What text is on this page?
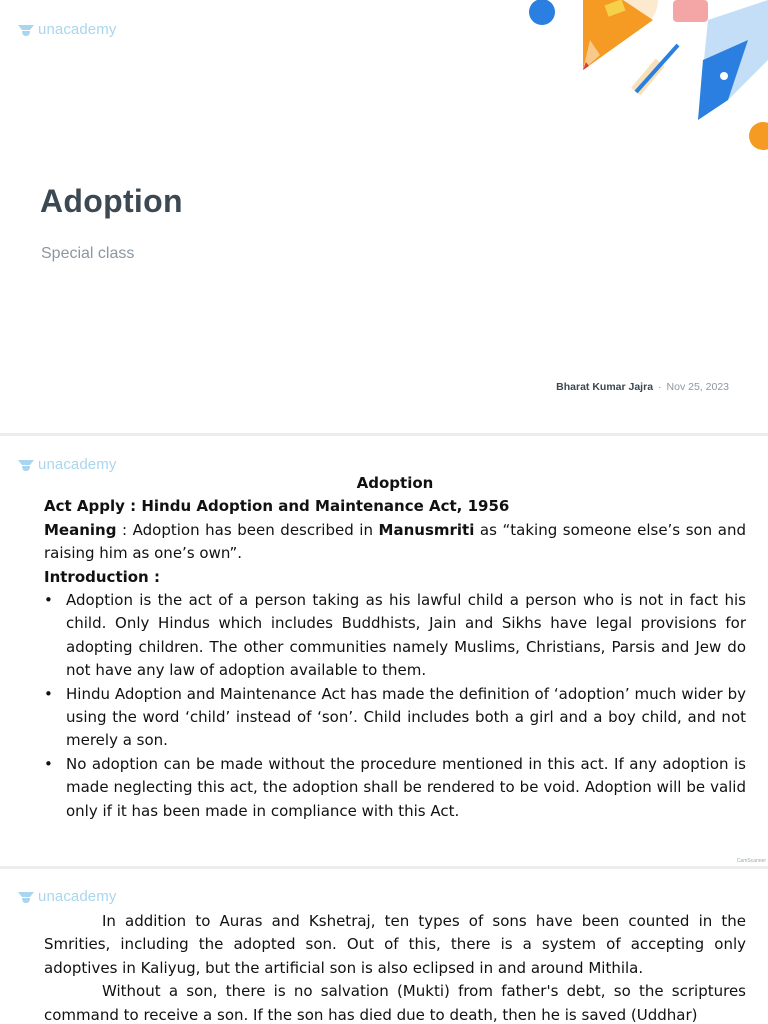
unacademy
Adoption
Special class
Bharat Kumar Jajra · Nov 25, 2023
unacademy
Adoption
Act Apply : Hindu Adoption and Maintenance Act, 1956
Meaning : Adoption has been described in Manusmriti as “taking someone else’s son and raising him as one’s own”.
Introduction :
• Adoption is the act of a person taking as his lawful child a person who is not in fact his child. Only Hindus which includes Buddhists, Jain and Sikhs have legal provisions for adopting children. The other communities namely Muslims, Christians, Parsis and Jew do not have any law of adoption available to them.
• Hindu Adoption and Maintenance Act has made the definition of ‘adoption’ much wider by using the word ‘child’ instead of ‘son’. Child includes both a girl and a boy child, and not merely a son.
• No adoption can be made without the procedure mentioned in this act. If any adoption is made neglecting this act, the adoption shall be rendered to be void. Adoption will be valid only if it has been made in compliance with this Act.
CamScanner
unacademy

In addition to Auras and Kshetraj, ten types of sons have been counted in the Smrities, including the adopted son. Out of this, there is a system of accepting only adoptives in Kaliyug, but the artificial son is also eclipsed in and around Mithila.

Without a son, there is no salvation (Mukti) from father's debt, so the scriptures command to receive a son. If the son has died due to death, then he is saved (Uddhar)
